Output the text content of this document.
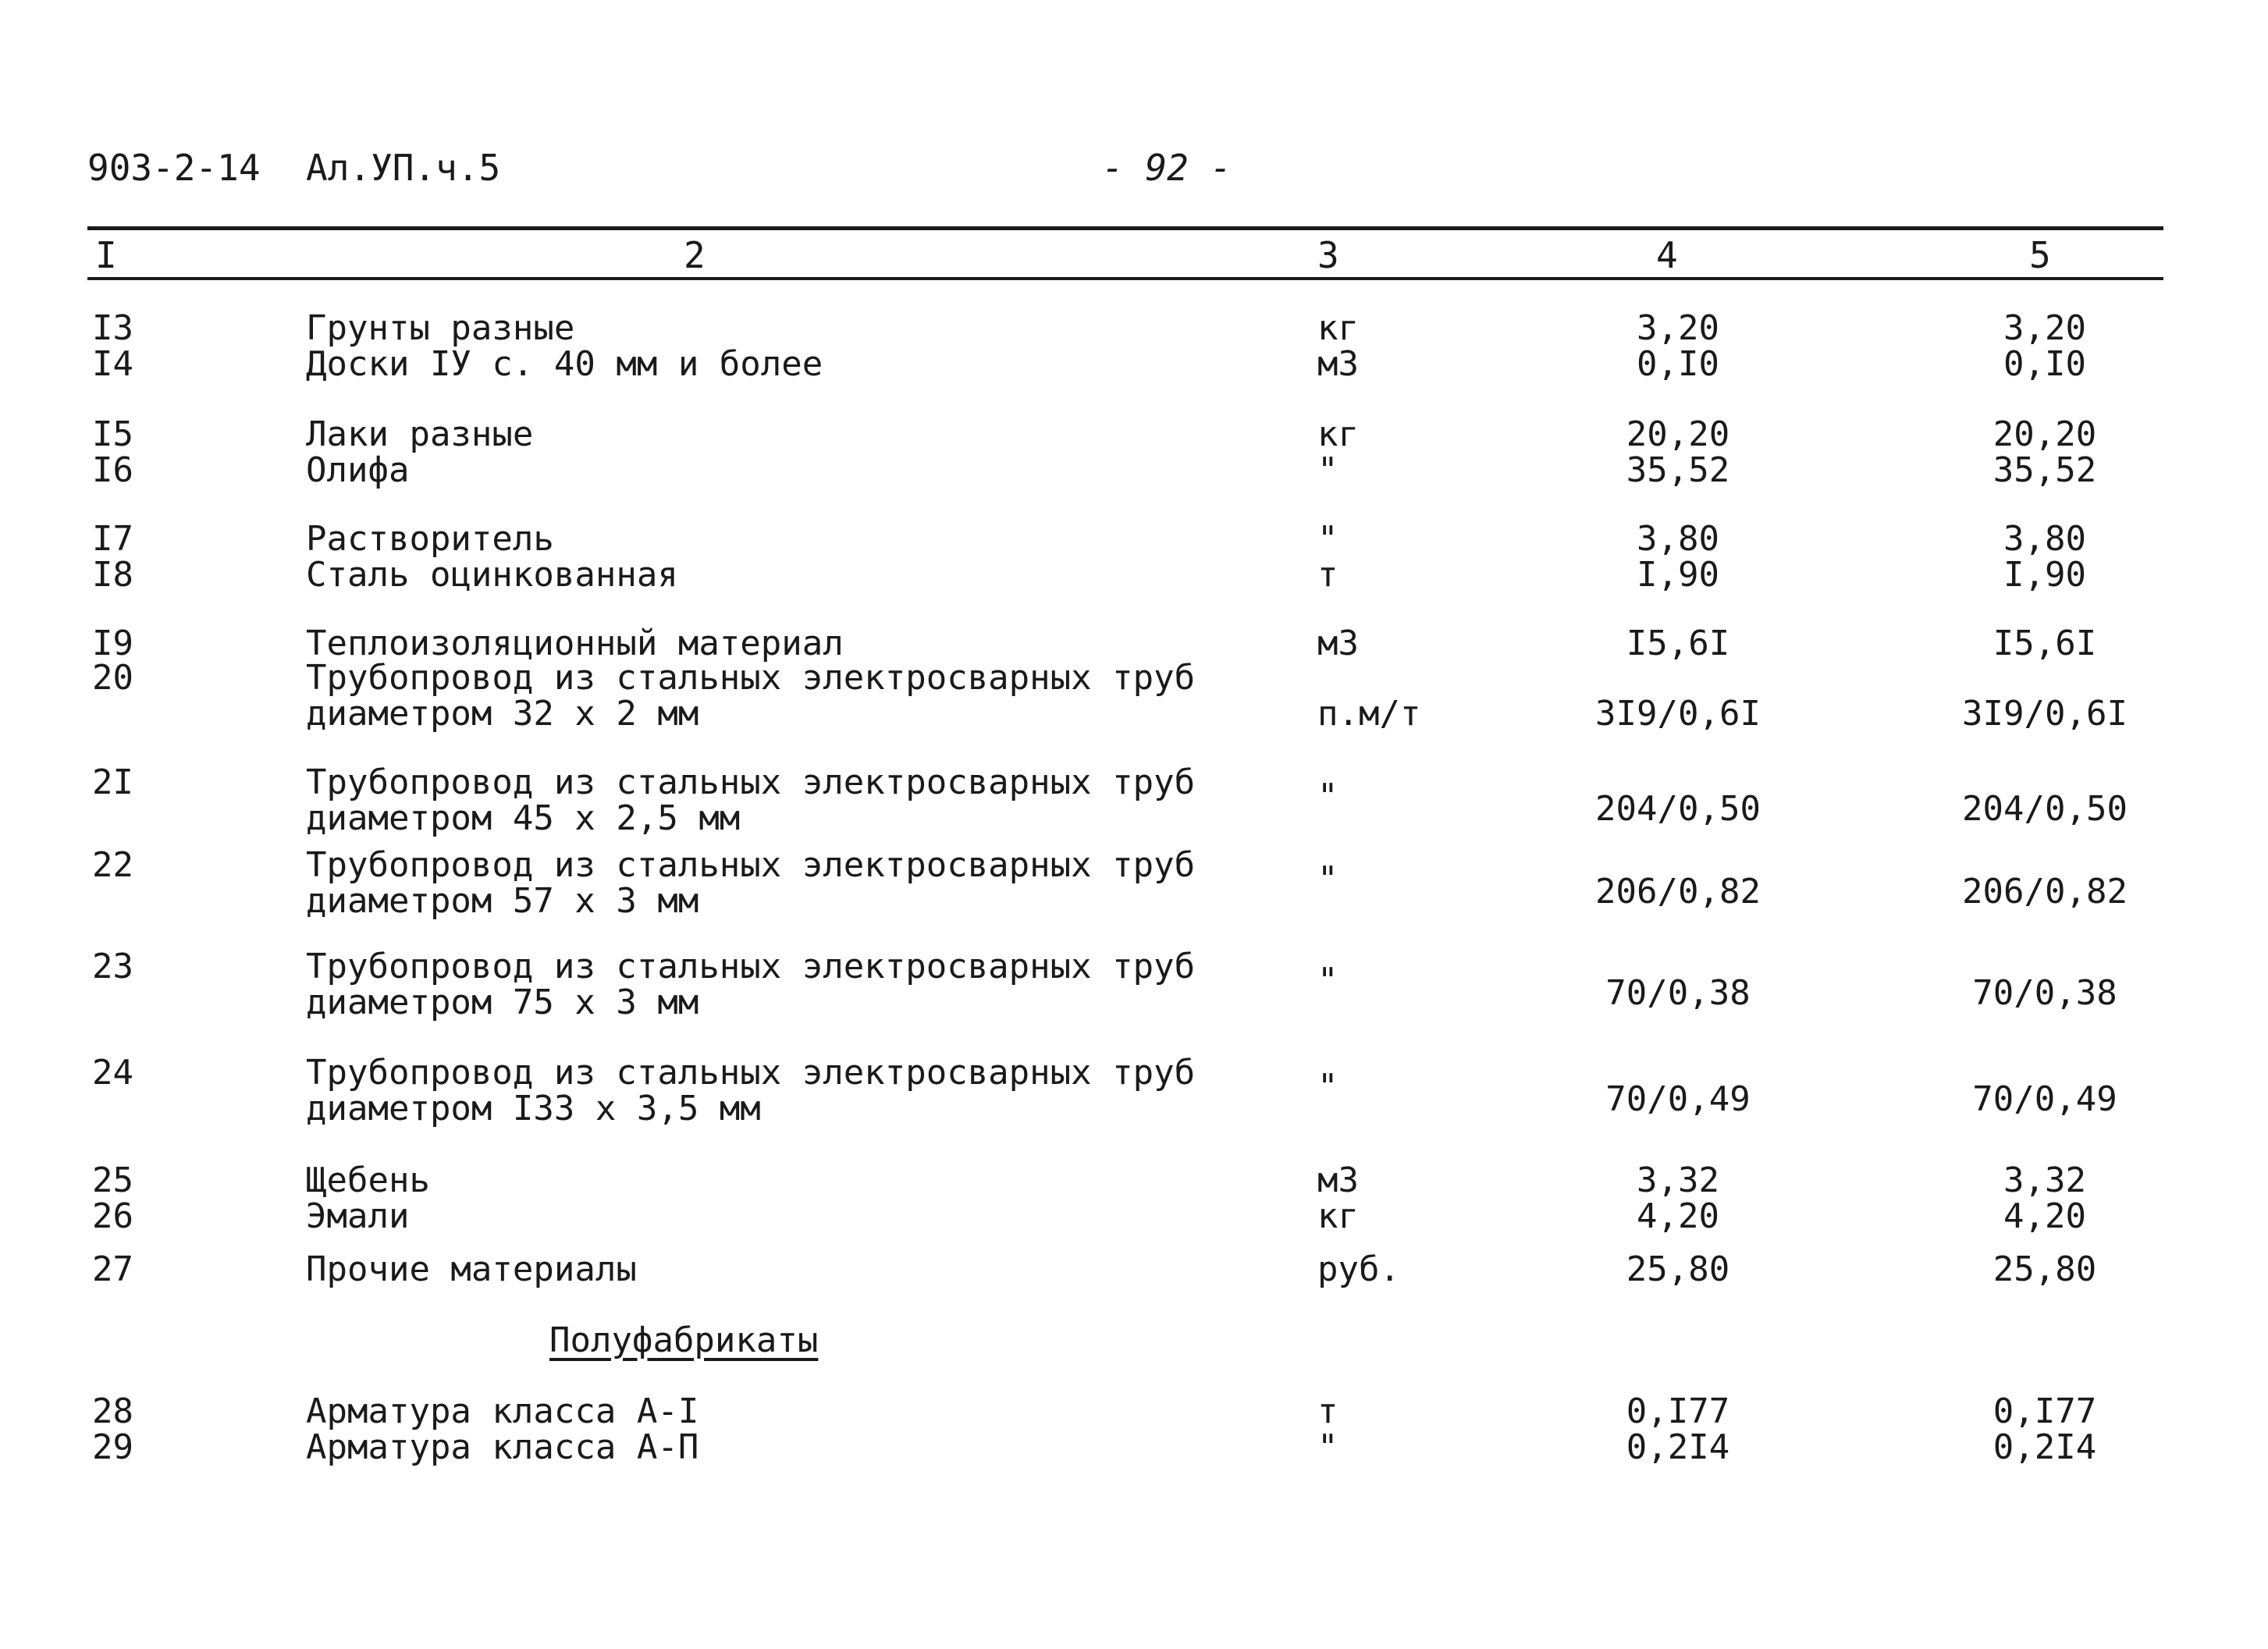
903-2-14 Ал.УП.ч.5	- 92 -
I	2	3	4	5
I3	Грунты разные	кг	3,20	3,20
I4	Доски IУ с. 40 мм и более	м3	0,I0	0,I0
I5	Лаки разные	кг	20,20	20,20
I6	Олифа	"	35,52	35,52
I7	Растворитель	"	3,80	3,80
I8	Сталь оцинкованная	т	I,90	I,90
I9	Теплоизоляционный материал	м3	I5,6I	I5,6I
20	Трубопровод из стальных электросварных труб
диаметром 32 х 2 мм	п.м/т	3I9/0,6I	3I9/0,6I
2I	Трубопровод из стальных электросварных труб
диаметром 45 х 2,5 мм
"	204/0,50	204/0,50
22	Трубопровод из стальных электросварных труб
диаметром 57 х 3 мм
"	206/0,82	206/0,82
23	Трубопровод из стальных электросварных труб
диаметром 75 х 3 мм
"	70/0,38	70/0,38
24	Трубопровод из стальных электросварных труб
диаметром I33 х 3,5 мм
"	70/0,49	70/0,49
25	Щебень	м3	3,32	3,32
26	Эмали	кг	4,20	4,20
27	Прочие материалы	руб.	25,80	25,80
28	Арматура класса А-I	т	0,I77	0,I77
29	Арматура класса А-П	"	0,2I4	0,2I4
Полуфабрикаты
